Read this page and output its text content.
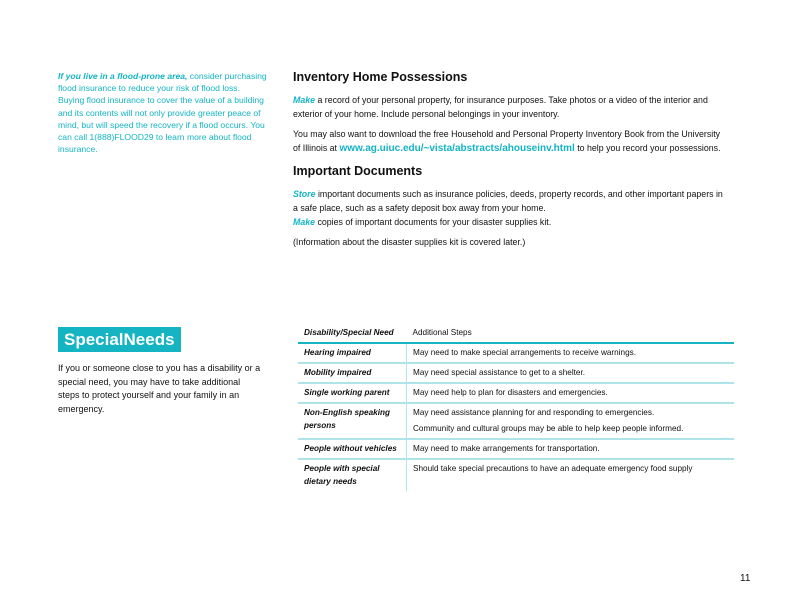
If you live in a flood-prone area, consider purchasing flood insurance to reduce your risk of flood loss. Buying flood insurance to cover the value of a building and its contents will not only provide greater peace of mind, but will speed the recovery if a flood occurs. You can call 1(888)FLOOD29 to learn more about flood insurance.
Inventory Home Possessions

Make a record of your personal property, for insurance purposes. Take photos or a video of the interior and exterior of your home. Include personal belongings in your inventory.

You may also want to download the free Household and Personal Property Inventory Book from the University of Illinois at www.ag.uiuc.edu/~vista/abstracts/ahouseinv.html to help you record your possessions.

Important Documents

Store important documents such as insurance policies, deeds, property records, and other important papers in a safe place, such as a safety deposit box away from your home.

Make copies of important documents for your disaster supplies kit.

(Information about the disaster supplies kit is covered later.)

SpecialNeeds
If you or someone close to you has a disability or a special need, you may have to take additional steps to protect yourself and your family in an emergency.
Disability/Special Need	Additional Steps
Hearing impaired	May need to make special arrangements to receive warnings.

Mobility impaired	May need special assistance to get to a shelter.

Single working parent	May need help to plan for disasters and emergencies.

Non-English speaking persons	May need assistance planning for and responding to emergencies.
Community and cultural groups may be able to help keep people informed.

People without vehicles	May need to make arrangements for transportation.

People with special dietary needs	Should take special precautions to have an adequate emergency food supply
11
